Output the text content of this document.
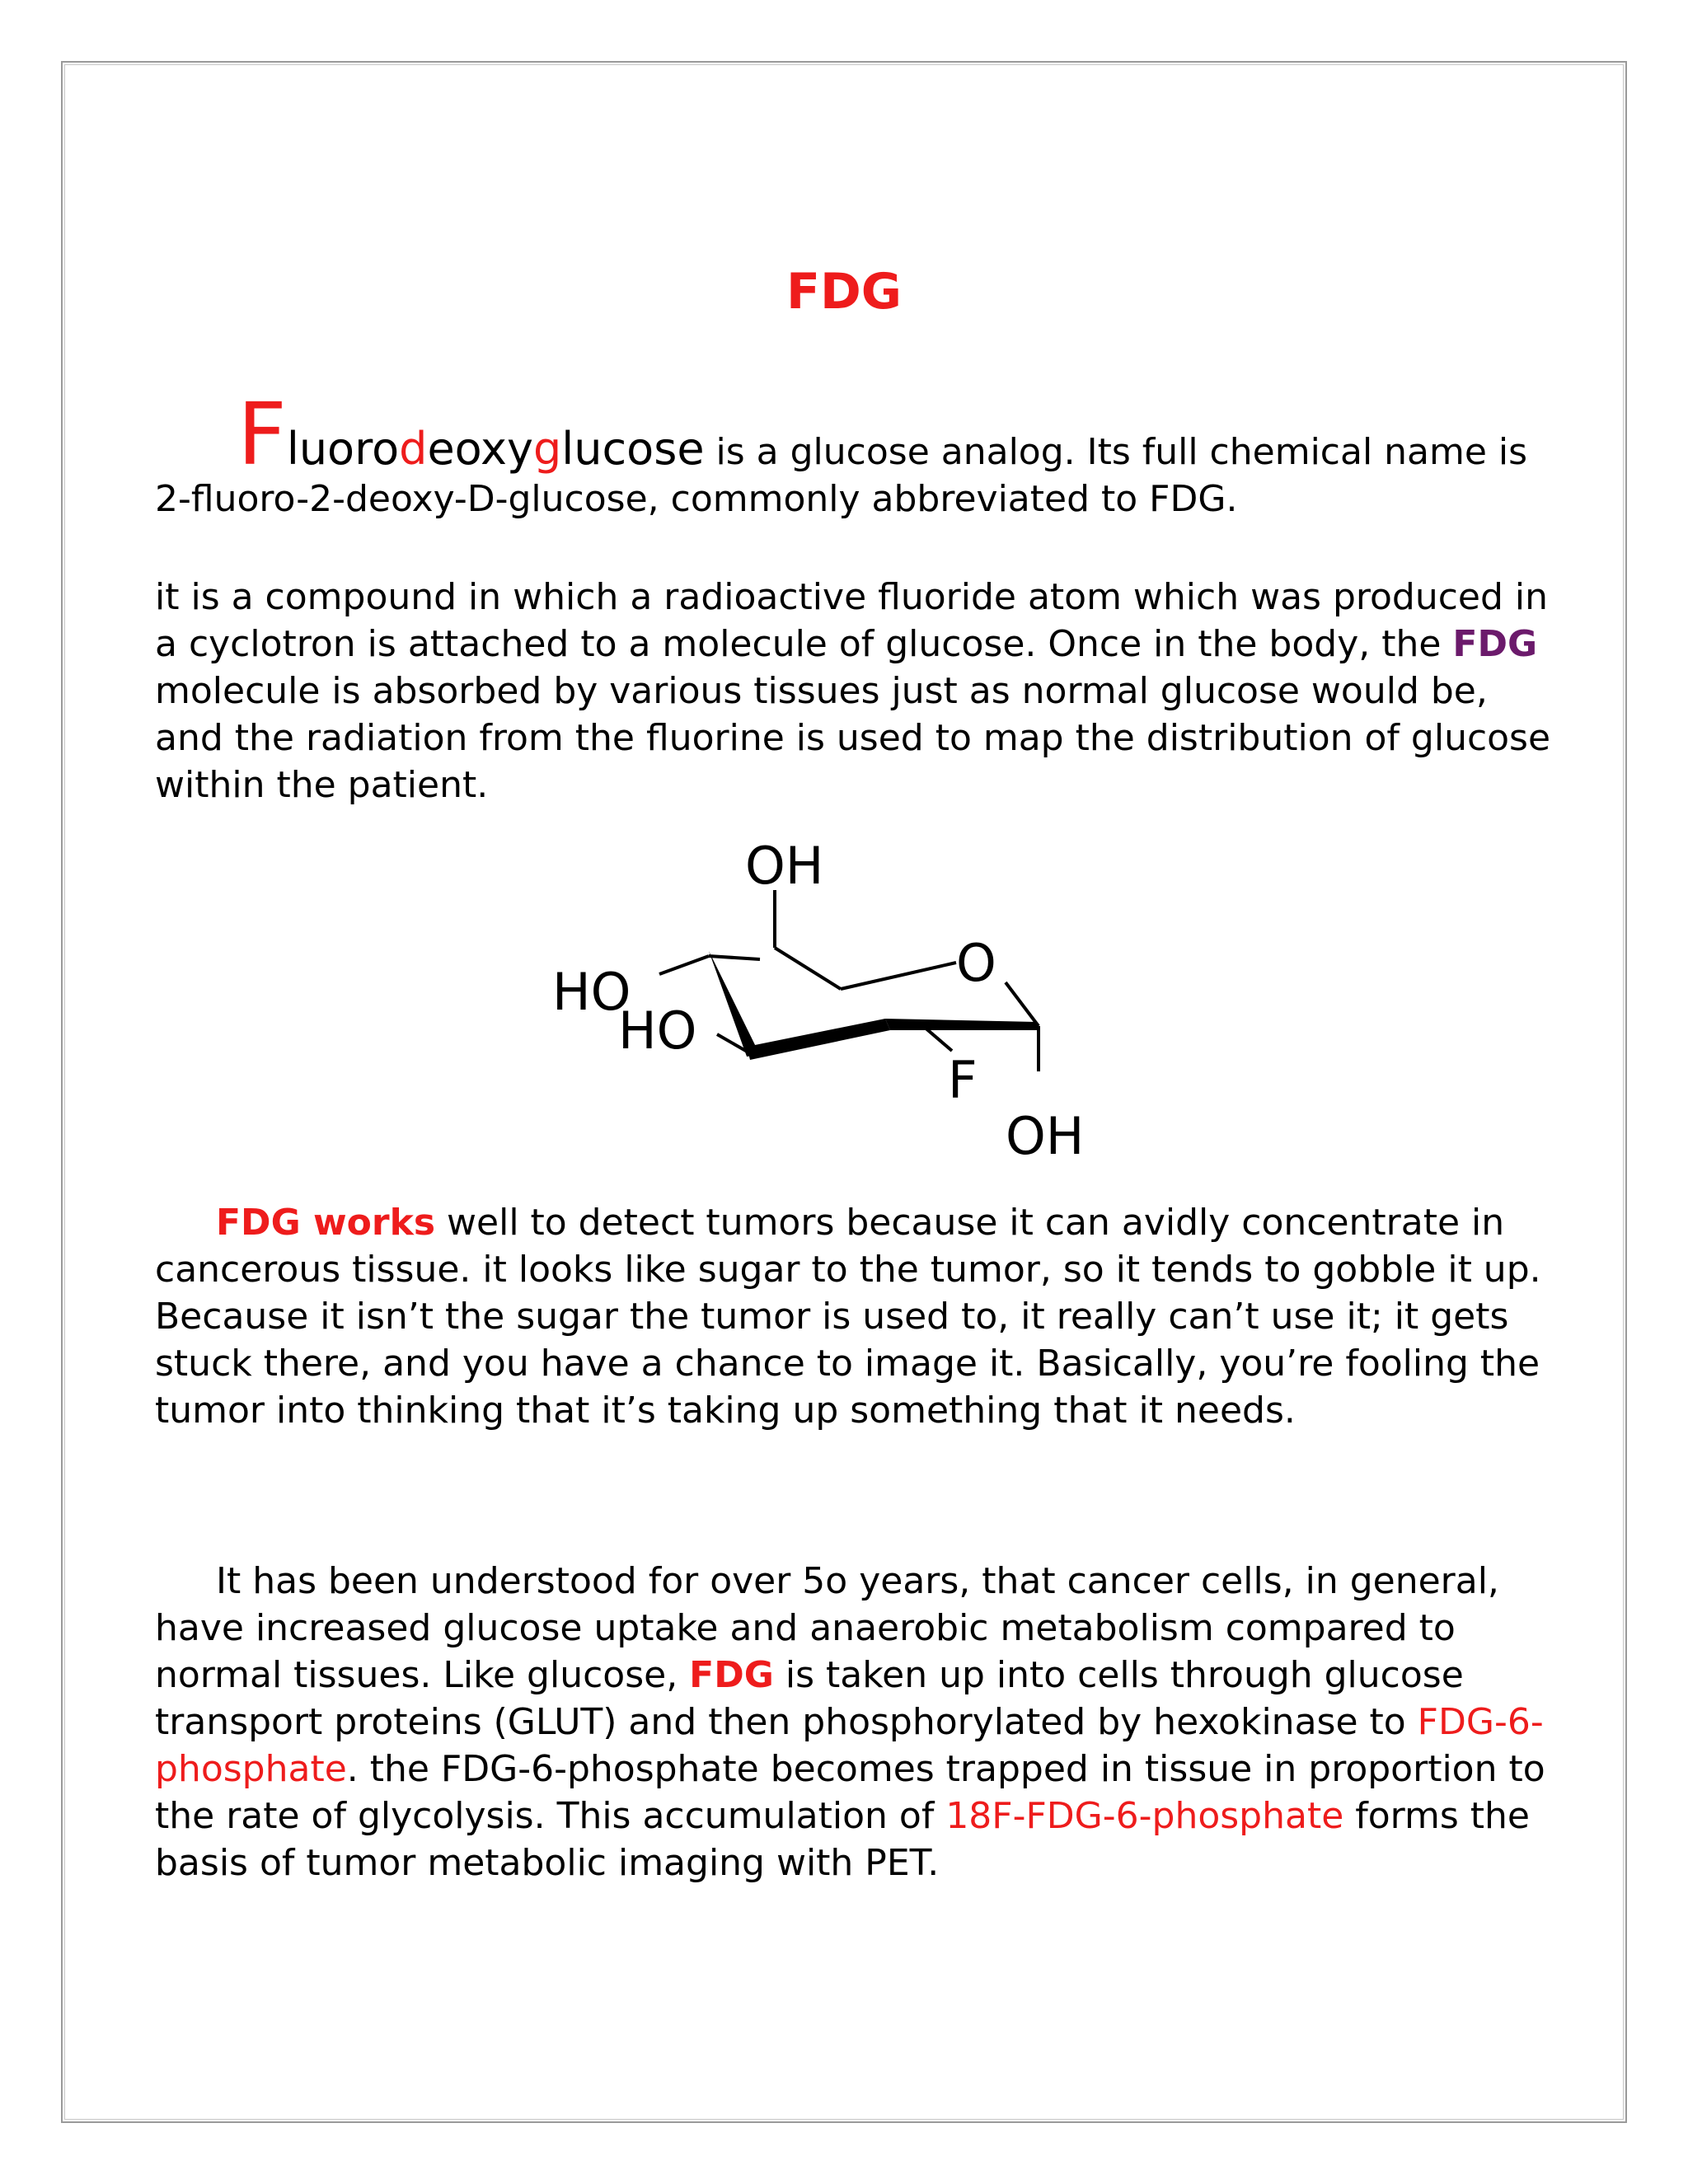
FDG
Fluorodeoxyglucose is a glucose analog. Its full chemical name is
2-fluoro-2-deoxy-D-glucose, commonly abbreviated to FDG.
it is a compound in which a radioactive fluoride atom which was produced in a cyclotron is attached to a molecule of glucose. Once in the body, the FDG molecule is absorbed by various tissues just as normal glucose would be, and the radiation from the fluorine is used to map the distribution of glucose within the patient.
OH
HO
HO
O
F
OH
FDG works well to detect tumors because it can avidly concentrate in cancerous tissue. it looks like sugar to the tumor, so it tends to gobble it up. Because it isn’t the sugar the tumor is used to, it really can’t use it; it gets stuck there, and you have a chance to image it. Basically, you’re fooling the tumor into thinking that it’s taking up something that it needs.
It has been understood for over 5o years, that cancer cells, in general, have increased glucose uptake and anaerobic metabolism compared to normal tissues. Like glucose, FDG is taken up into cells through glucose transport proteins (GLUT) and then phosphorylated by hexokinase to FDG-6-phosphate. the FDG-6-phosphate becomes trapped in tissue in proportion to the rate of glycolysis. This accumulation of 18F-FDG-6-phosphate forms the basis of tumor metabolic imaging with PET.
